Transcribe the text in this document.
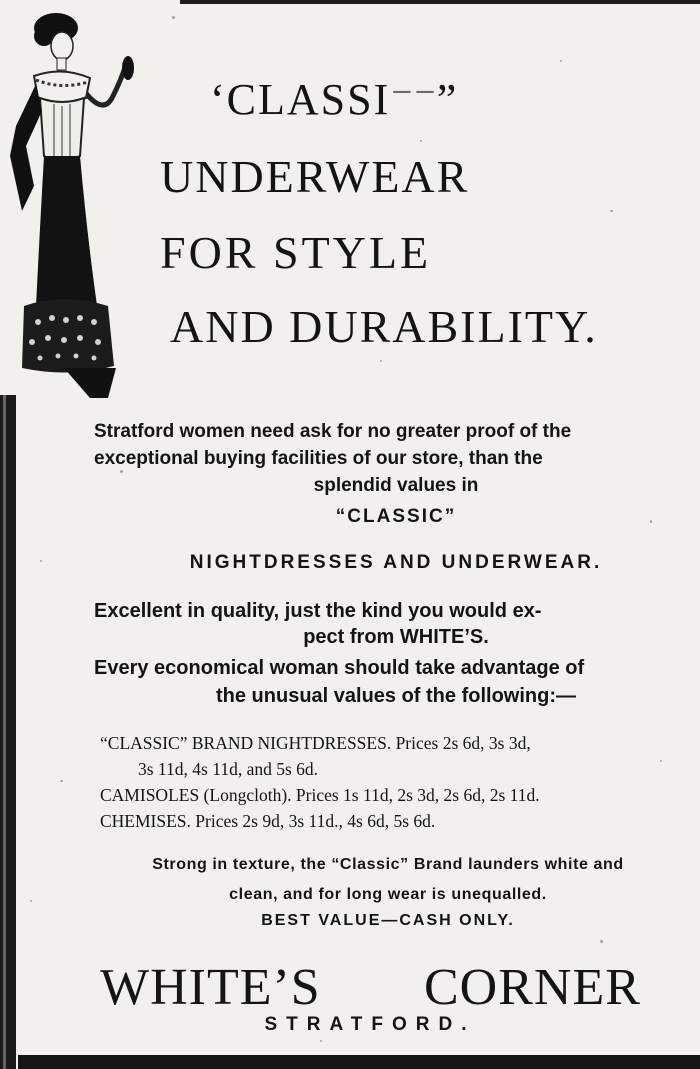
‘CLASSI⁻⁻”
UNDERWEAR
FOR STYLE
AND DURABILITY.

Stratford women need ask for no greater proof of the
exceptional buying facilities of our store, than the
splendid values in

“CLASSIC”

NIGHTDRESSES AND UNDERWEAR.

Excellent in quality, just the kind you would ex-
pect from WHITE’S.

Every economical woman should take advantage of
the unusual values of the following:—

“CLASSIC” BRAND NIGHTDRESSES. Prices 2s 6d, 3s 3d,
3s 11d, 4s 11d, and 5s 6d.
CAMISOLES (Longcloth). Prices 1s 11d, 2s 3d, 2s 6d, 2s 11d.
CHEMISES. Prices 2s 9d, 3s 11d., 4s 6d, 5s 6d.

Strong in texture, the “Classic” Brand launders white and
clean, and for long wear is unequalled.

BEST VALUE—CASH ONLY.

WHITE’S CORNER

STRATFORD.
